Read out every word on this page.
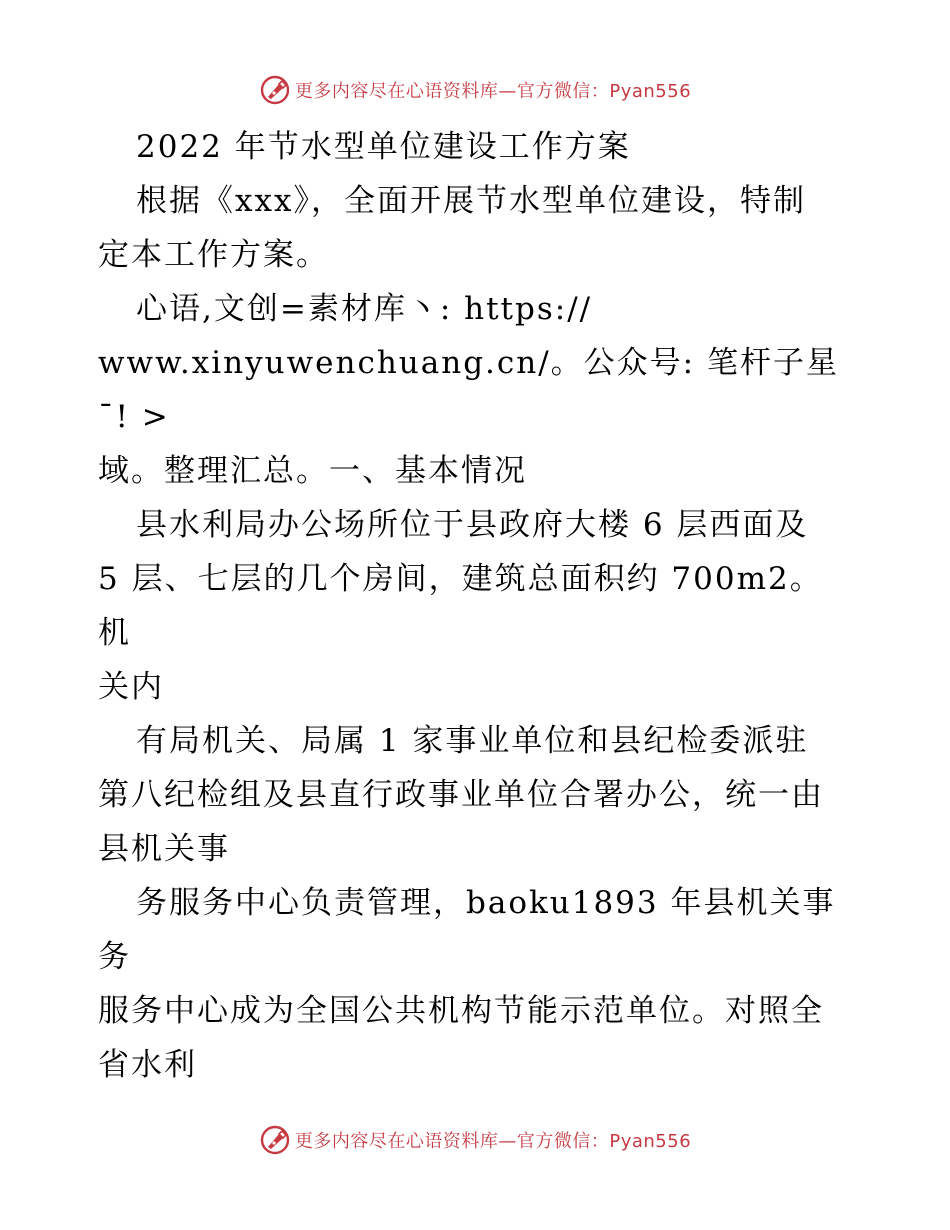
更多内容尽在心语资料库—官方微信：Pyan556

2022 年节水型单位建设工作方案

根据《xxx》，全面开展节水型单位建设，特制

定本工作方案。

心语,文创=素材库丶: https://

www.xinyuwenchuang.cn/。公众号: 笔杆子星¯! >

域。整理汇总。一、基本情况

县水利局办公场所位于县政府大楼 6 层西面及

5 层、七层的几个房间，建筑总面积约 700m2。机

关内

有局机关、局属 1 家事业单位和县纪检委派驻

第八纪检组及县直行政事业单位合署办公，统一由

县机关事

务服务中心负责管理，baoku1893 年县机关事务

服务中心成为全国公共机构节能示范单位。对照全

省水利

更多内容尽在心语资料库—官方微信：Pyan556
